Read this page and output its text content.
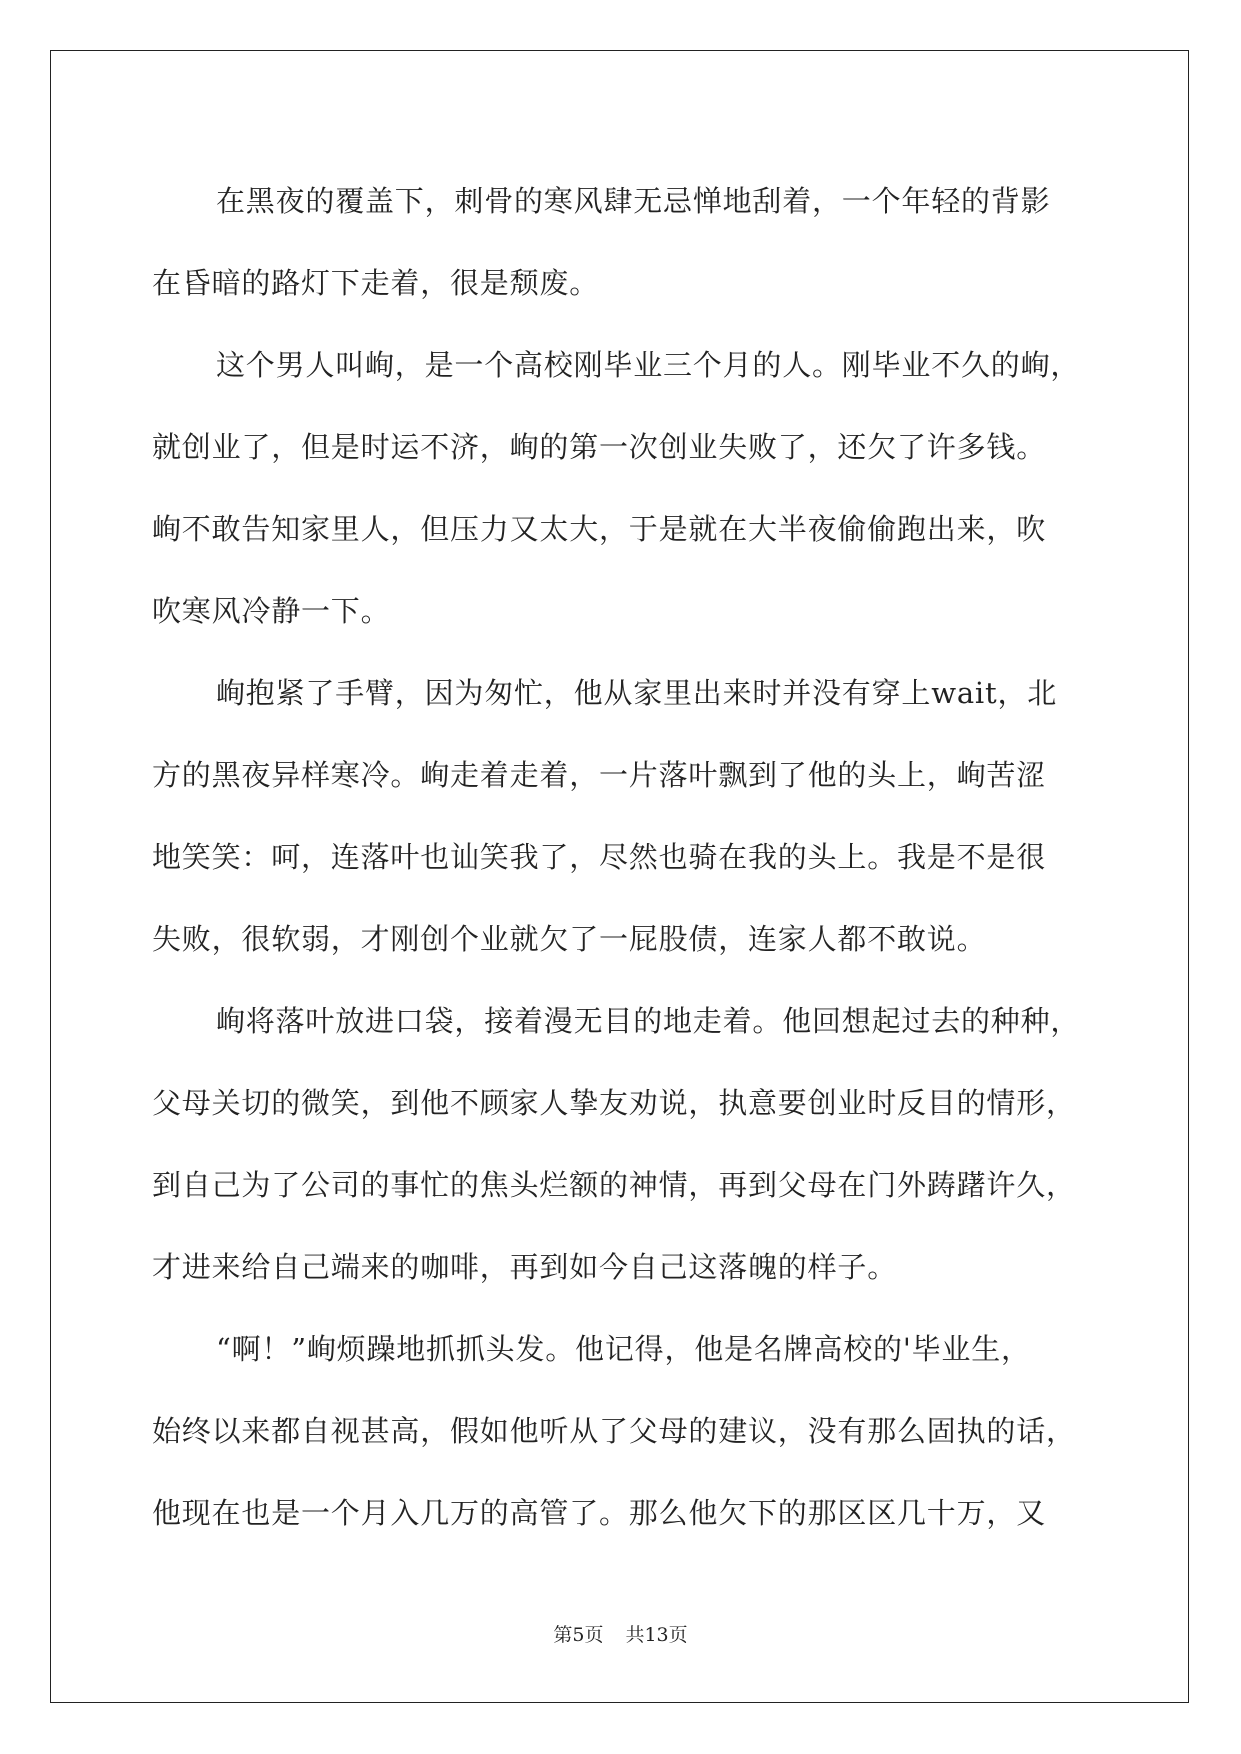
在黑夜的覆盖下，刺骨的寒风肆无忌惮地刮着，一个年轻的背影
在昏暗的路灯下走着，很是颓废。
这个男人叫峋，是一个高校刚毕业三个月的人。刚毕业不久的峋，
就创业了，但是时运不济，峋的第一次创业失败了，还欠了许多钱。
峋不敢告知家里人，但压力又太大，于是就在大半夜偷偷跑出来，吹
吹寒风冷静一下。
峋抱紧了手臂，因为匆忙，他从家里出来时并没有穿上wait，北
方的黑夜异样寒冷。峋走着走着，一片落叶飘到了他的头上，峋苦涩
地笑笑：呵，连落叶也讪笑我了，尽然也骑在我的头上。我是不是很
失败，很软弱，才刚创个业就欠了一屁股债，连家人都不敢说。
峋将落叶放进口袋，接着漫无目的地走着。他回想起过去的种种，
父母关切的微笑，到他不顾家人挚友劝说，执意要创业时反目的情形，
到自己为了公司的事忙的焦头烂额的神情，再到父母在门外踌躇许久，
才进来给自己端来的咖啡，再到如今自己这落魄的样子。
“啊！”峋烦躁地抓抓头发。他记得，他是名牌高校的'毕业生，
始终以来都自视甚高，假如他听从了父母的建议，没有那么固执的话，
他现在也是一个月入几万的高管了。那么他欠下的那区区几十万，又
第5页 共13页
